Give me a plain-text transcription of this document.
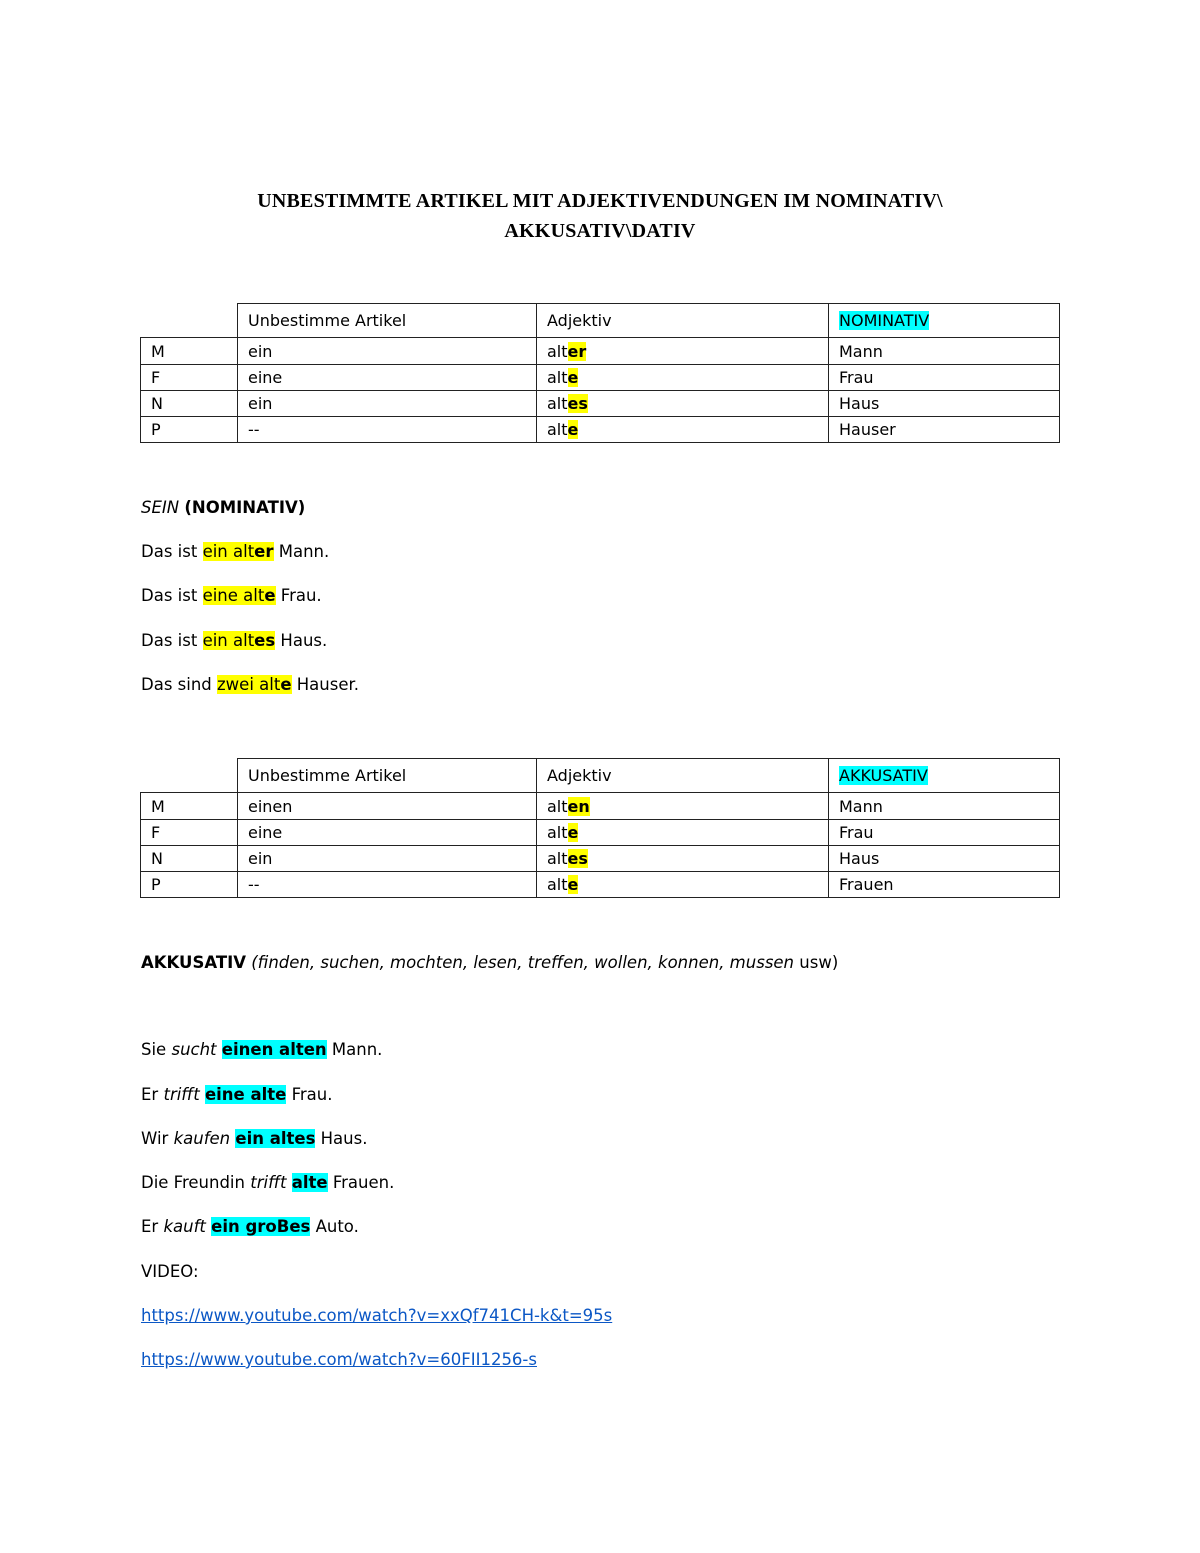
UNBESTIMMTE ARTIKEL MIT ADJEKTIVENDUNGEN IM NOMINATIV\
AKKUSATIV\DATIV
	Unbestimme Artikel	Adjektiv	NOMINATIV
M	ein	alter	Mann
F	eine	alte	Frau
N	ein	altes	Haus
P	--	alte	Hauser
SEIN (NOMINATIV)
Das ist ein alter Mann.
Das ist eine alte Frau.
Das ist ein altes Haus.
Das sind zwei alte Hauser.
	Unbestimme Artikel	Adjektiv	AKKUSATIV
M	einen	alten	Mann
F	eine	alte	Frau
N	ein	altes	Haus
P	--	alte	Frauen
AKKUSATIV (finden, suchen, mochten, lesen, treffen, wollen, konnen, mussen usw)
Sie sucht einen alten Mann.
Er trifft eine alte Frau.
Wir kaufen ein altes Haus.
Die Freundin trifft alte Frauen.
Er kauft ein groBes Auto.
VIDEO:
https://www.youtube.com/watch?v=xxQf741CH-k&t=95s
https://www.youtube.com/watch?v=60FII1256-s
